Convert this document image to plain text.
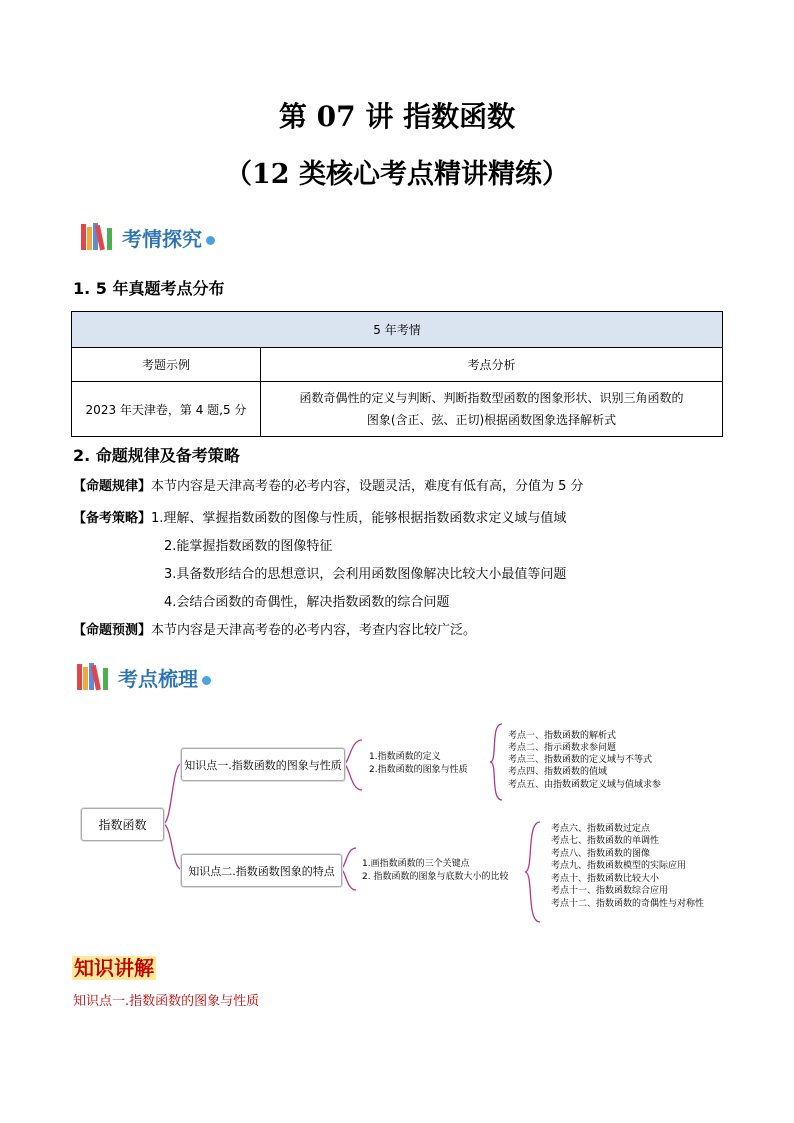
第 07 讲 指数函数
（12 类核心考点精讲精练）
考情探究
1. 5 年真题考点分布
5 年考情	
考题示例	考点分析
2023 年天津卷，第 4 题,5 分	函数奇偶性的定义与判断、判断指数型函数的图象形状、识别三角函数的
图象(含正、弦、正切)根据函数图象选择解析式
2. 命题规律及备考策略
【命题规律】本节内容是天津高考卷的必考内容，设题灵活，难度有低有高，分值为 5 分
【备考策略】1.理解、掌握指数函数的图像与性质，能够根据指数函数求定义域与值域
2.能掌握指数函数的图像特征
3.具备数形结合的思想意识，会利用函数图像解决比较大小最值等问题
4.会结合函数的奇偶性，解决指数函数的综合问题
【命题预测】本节内容是天津高考卷的必考内容，考查内容比较广泛。
考点梳理
指数函数
知识点一.指数函数的图象与性质
知识点二.指数函数图象的特点
1.指数函数的定义
2.指数函数的图象与性质
考点一、指数函数的解析式
考点二、指示函数求参问题
考点三、指数函数的定义域与不等式
考点四、指数函数的值域
考点五、由指数函数定义域与值域求参
1.画指数函数的三个关键点
2. 指数函数的图象与底数大小的比较
考点六、指数函数过定点
考点七、指数函数的单调性
考点八、指数函数的图像
考点九、指数函数模型的实际应用
考点十、指数函数比较大小
考点十一、指数函数综合应用
考点十二、指数函数的奇偶性与对称性
知识讲解
知识点一.指数函数的图象与性质
